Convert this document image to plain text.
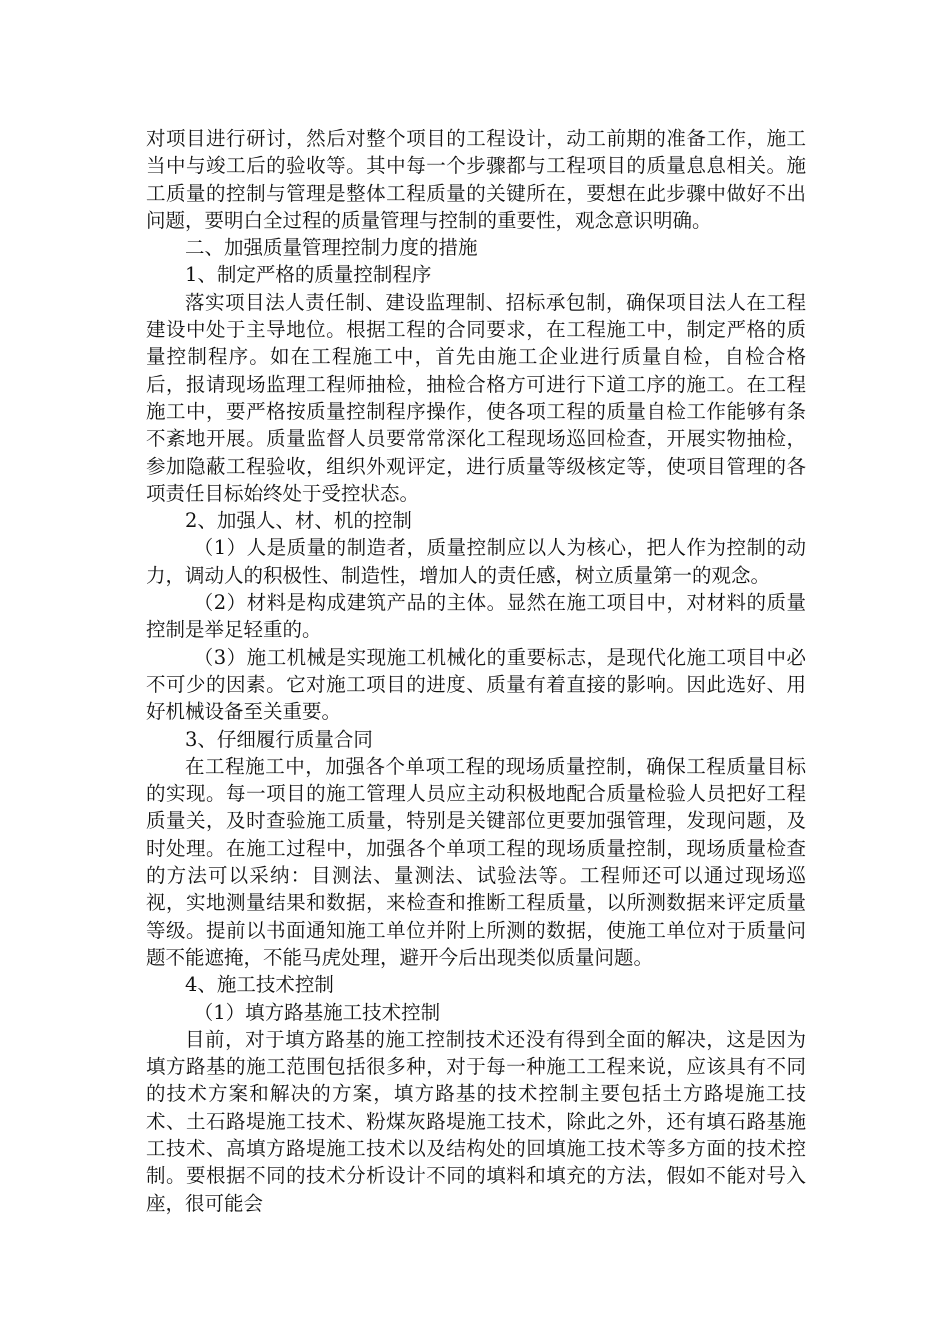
对项目进行研讨，然后对整个项目的工程设计，动工前期的准备工作，施工当中与竣工后的验收等。其中每一个步骤都与工程项目的质量息息相关。施工质量的控制与管理是整体工程质量的关键所在，要想在此步骤中做好不出问题，要明白全过程的质量管理与控制的重要性，观念意识明确。

二、加强质量管理控制力度的措施

1、制定严格的质量控制程序

落实项目法人责任制、建设监理制、招标承包制，确保项目法人在工程建设中处于主导地位。根据工程的合同要求，在工程施工中，制定严格的质量控制程序。如在工程施工中，首先由施工企业进行质量自检，自检合格后，报请现场监理工程师抽检，抽检合格方可进行下道工序的施工。在工程施工中，要严格按质量控制程序操作，使各项工程的质量自检工作能够有条不紊地开展。质量监督人员要常常深化工程现场巡回检查，开展实物抽检，参加隐蔽工程验收，组织外观评定，进行质量等级核定等，使项目管理的各项责任目标始终处于受控状态。

2、加强人、材、机的控制

（1）人是质量的制造者，质量控制应以人为核心，把人作为控制的动力，调动人的积极性、制造性，增加人的责任感，树立质量第一的观念。

（2）材料是构成建筑产品的主体。显然在施工项目中，对材料的质量控制是举足轻重的。

（3）施工机械是实现施工机械化的重要标志，是现代化施工项目中必不可少的因素。它对施工项目的进度、质量有着直接的影响。因此选好、用好机械设备至关重要。

3、仔细履行质量合同

在工程施工中，加强各个单项工程的现场质量控制，确保工程质量目标的实现。每一项目的施工管理人员应主动积极地配合质量检验人员把好工程质量关，及时查验施工质量，特别是关键部位更要加强管理，发现问题，及时处理。在施工过程中，加强各个单项工程的现场质量控制，现场质量检查的方法可以采纳：目测法、量测法、试验法等。工程师还可以通过现场巡视，实地测量结果和数据，来检查和推断工程质量，以所测数据来评定质量等级。提前以书面通知施工单位并附上所测的数据，使施工单位对于质量问题不能遮掩，不能马虎处理，避开今后出现类似质量问题。

4、施工技术控制

（1）填方路基施工技术控制

目前，对于填方路基的施工控制技术还没有得到全面的解决，这是因为填方路基的施工范围包括很多种，对于每一种施工工程来说，应该具有不同的技术方案和解决的方案，填方路基的技术控制主要包括土方路堤施工技术、土石路堤施工技术、粉煤灰路堤施工技术，除此之外，还有填石路基施工技术、高填方路堤施工技术以及结构处的回填施工技术等多方面的技术控制。要根据不同的技术分析设计不同的填料和填充的方法，假如不能对号入座，很可能会
